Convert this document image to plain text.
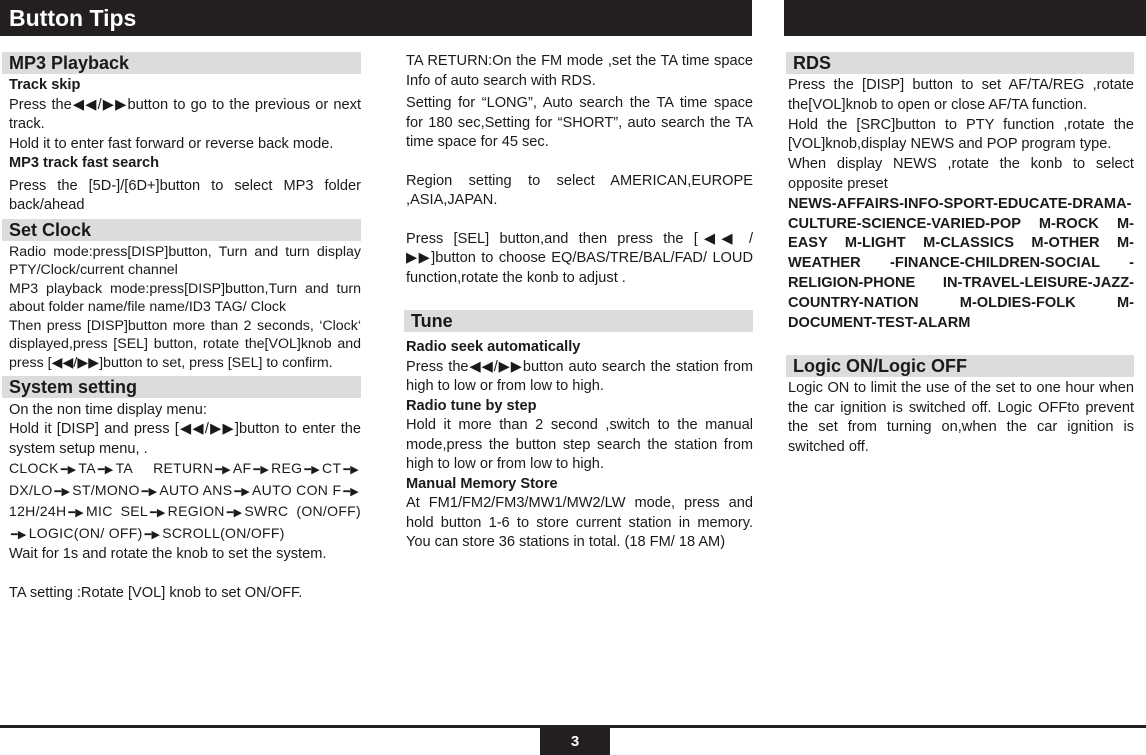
Button Tips
MP3 Playback
Track skip
Press the◀◀/▶▶button to go to the previous or next track.
Hold it to enter fast forward or reverse back mode.
MP3 track fast search
Press the [5D-]/[6D+]button to select MP3 folder back/ahead
Set Clock
Radio mode:press[DISP]button, Turn and turn display PTY/Clock/current channel
MP3 playback mode:press[DISP]button,Turn and turn about folder name/file name/ID3 TAG/ Clock
Then press [DISP]button more than 2 seconds, ‘Clock‘ displayed,press [SEL] button, rotate the[VOL]knob and press [◀◀/▶▶]button to set, press [SEL] to confirm.
System setting
On the non time display menu:
Hold it [DISP] and press [◀◀/▶▶]button to enter the system setup menu, .
CLOCK ━▶ TA ━▶ TA RETURN ━▶ AF ━▶ REG ━▶ CT ━▶DX/LO ━▶ ST/MONO ━▶ AUTO ANS ━▶ AUTO CON F ━▶12H/24H ━▶ MIC SEL ━▶ REGION ━▶ SWRC (ON/OFF)━▶ LOGIC(ON/ OFF) ━▶ SCROLL(ON/OFF)
Wait for 1s and rotate the knob to set the system.
TA setting :Rotate [VOL] knob to set ON/OFF.
TA RETURN:On the FM mode ,set the TA time space Info of auto search with RDS.
Setting for “LONG”, Auto search the TA time space for 180 sec,Setting for “SHORT”, auto search the TA time space for 45 sec.
Region setting to select AMERICAN,EUROPE ,ASIA,JAPAN.
Press [SEL] button,and then press the [◀◀ /▶▶]button to choose EQ/BAS/TRE/BAL/FAD/ LOUD function,rotate the konb to adjust .
Tune
Radio seek automatically
Press the◀◀/▶▶button auto search the station from high to low or from low to high.
Radio tune by step
Hold it more than 2 second ,switch to the manual mode,press the button step search the station from high to low or from low to high.
Manual Memory Store
At FM1/FM2/FM3/MW1/MW2/LW mode, press and hold button 1-6 to store current station in memory. You can store 36 stations in total. (18 FM/ 18 AM)
RDS
Press the [DISP] button to set AF/TA/REG ,rotate the[VOL]knob to open or close AF/TA function.
Hold the [SRC]button to PTY function ,rotate the [VOL]knob,display NEWS and POP program type.
When display NEWS ,rotate the konb to select opposite preset
NEWS-AFFAIRS-INFO-SPORT-EDUCATE-DRAMA-CULTURE-SCIENCE-VARIED-POP M-ROCK M-EASY M-LIGHT M-CLASSICS M-OTHER M-WEATHER -FINANCE-CHILDREN-SOCIAL -RELIGION-PHONE IN-TRAVEL-LEISURE-JAZZ-COUNTRY-NATION M-OLDIES-FOLK M-DOCUMENT-TEST-ALARM
Logic ON/Logic OFF
Logic ON to limit the use of the set to one hour when the car ignition is switched off. Logic OFFto prevent the set from turning on,when the car ignition is switched off.
3
